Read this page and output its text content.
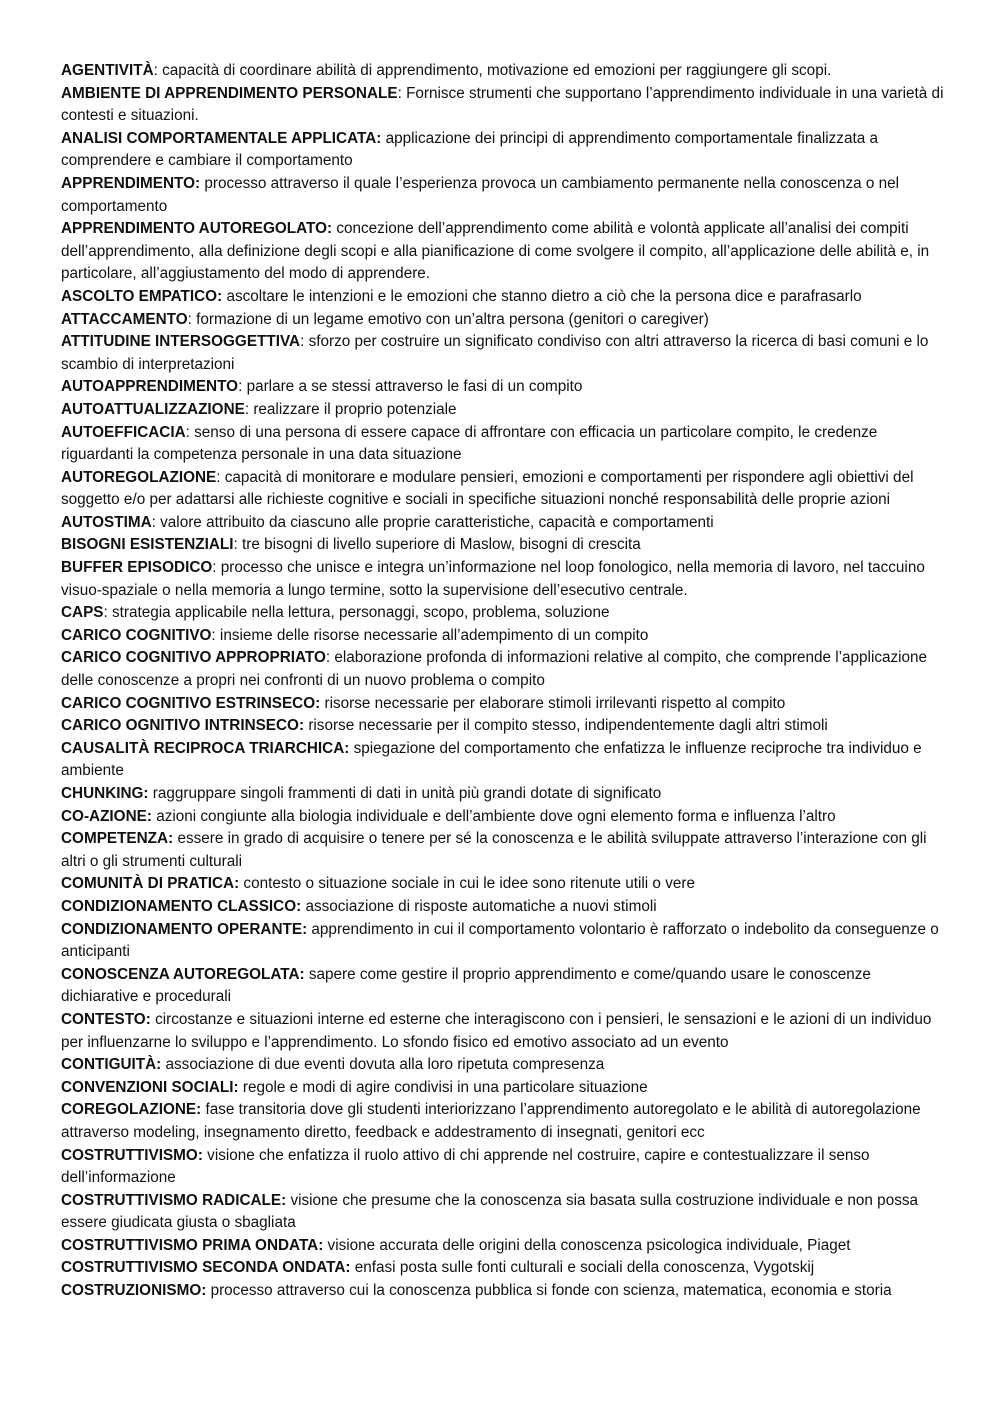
AGENTIVITÀ: capacità di coordinare abilità di apprendimento, motivazione ed emozioni per raggiungere gli scopi.

AMBIENTE DI APPRENDIMENTO PERSONALE: Fornisce strumenti che supportano l’apprendimento individuale in una varietà di contesti e situazioni.

ANALISI COMPORTAMENTALE APPLICATA: applicazione dei principi di apprendimento comportamentale finalizzata a comprendere e cambiare il comportamento

APPRENDIMENTO: processo attraverso il quale l’esperienza provoca un cambiamento permanente nella conoscenza o nel comportamento

APPRENDIMENTO AUTOREGOLATO: concezione dell’apprendimento come abilità e volontà applicate all’analisi dei compiti dell’apprendimento, alla definizione degli scopi e alla pianificazione di come svolgere il compito, all’applicazione delle abilità e, in particolare, all’aggiustamento del modo di apprendere.

ASCOLTO EMPATICO: ascoltare le intenzioni e le emozioni che stanno dietro a ciò che la persona dice e parafrasarlo

ATTACCAMENTO: formazione di un legame emotivo con un’altra persona (genitori o caregiver)

ATTITUDINE INTERSOGGETTIVA: sforzo per costruire un significato condiviso con altri attraverso la ricerca di basi comuni e lo scambio di interpretazioni

AUTOAPPRENDIMENTO: parlare a se stessi attraverso le fasi di un compito

AUTOATTUALIZZAZIONE: realizzare il proprio potenziale

AUTOEFFICACIA: senso di una persona di essere capace di affrontare con efficacia un particolare compito, le credenze riguardanti la competenza personale in una data situazione

AUTOREGOLAZIONE: capacità di monitorare e modulare pensieri, emozioni e comportamenti per rispondere agli obiettivi del soggetto e/o per adattarsi alle richieste cognitive e sociali in specifiche situazioni nonché responsabilità delle proprie azioni

AUTOSTIMA: valore attribuito da ciascuno alle proprie caratteristiche, capacità e comportamenti

BISOGNI ESISTENZIALI: tre bisogni di livello superiore di Maslow, bisogni di crescita

BUFFER EPISODICO: processo che unisce e integra un’informazione nel loop fonologico, nella memoria di lavoro, nel taccuino visuo-spaziale o nella memoria a lungo termine, sotto la supervisione dell’esecutivo centrale.

CAPS: strategia applicabile nella lettura, personaggi, scopo, problema, soluzione

CARICO COGNITIVO: insieme delle risorse necessarie all’adempimento di un compito

CARICO COGNITIVO APPROPRIATO: elaborazione profonda di informazioni relative al compito, che comprende l’applicazione delle conoscenze a propri nei confronti di un nuovo problema o compito

CARICO COGNITIVO ESTRINSECO: risorse necessarie per elaborare stimoli irrilevanti rispetto al compito

CARICO OGNITIVO INTRINSECO: risorse necessarie per il compito stesso, indipendentemente dagli altri stimoli

CAUSALITÀ RECIPROCA TRIARCHICA: spiegazione del comportamento che enfatizza le influenze reciproche tra individuo e ambiente

CHUNKING: raggruppare singoli frammenti di dati in unità più grandi dotate di significato

CO-AZIONE: azioni congiunte alla biologia individuale e dell’ambiente dove ogni elemento forma e influenza l’altro

COMPETENZA: essere in grado di acquisire o tenere per sé la conoscenza e le abilità sviluppate attraverso l’interazione con gli altri o gli strumenti culturali

COMUNITÀ DI PRATICA: contesto o situazione sociale in cui le idee sono ritenute utili o vere

CONDIZIONAMENTO CLASSICO: associazione di risposte automatiche a nuovi stimoli

CONDIZIONAMENTO OPERANTE: apprendimento in cui il comportamento volontario è rafforzato o indebolito da conseguenze o anticipanti

CONOSCENZA AUTOREGOLATA: sapere come gestire il proprio apprendimento e come/quando usare le conoscenze dichiarative e procedurali

CONTESTO: circostanze e situazioni interne ed esterne che interagiscono con i pensieri, le sensazioni e le azioni di un individuo per influenzarne lo sviluppo e l’apprendimento. Lo sfondo fisico ed emotivo associato ad un evento

CONTIGUITÀ: associazione di due eventi dovuta alla loro ripetuta compresenza

CONVENZIONI SOCIALI: regole e modi di agire condivisi in una particolare situazione

COREGOLAZIONE: fase transitoria dove gli studenti interiorizzano l’apprendimento autoregolato e le abilità di autoregolazione attraverso modeling, insegnamento diretto, feedback e addestramento di insegnati, genitori ecc

COSTRUTTIVISMO: visione che enfatizza il ruolo attivo di chi apprende nel costruire, capire e contestualizzare il senso dell’informazione

COSTRUTTIVISMO RADICALE: visione che presume che la conoscenza sia basata sulla costruzione individuale e non possa essere giudicata giusta o sbagliata

COSTRUTTIVISMO PRIMA ONDATA: visione accurata delle origini della conoscenza psicologica individuale, Piaget

COSTRUTTIVISMO SECONDA ONDATA: enfasi posta sulle fonti culturali e sociali della conoscenza, Vygotskij

COSTRUZIONISMO: processo attraverso cui la conoscenza pubblica si fonde con scienza, matematica, economia e storia
